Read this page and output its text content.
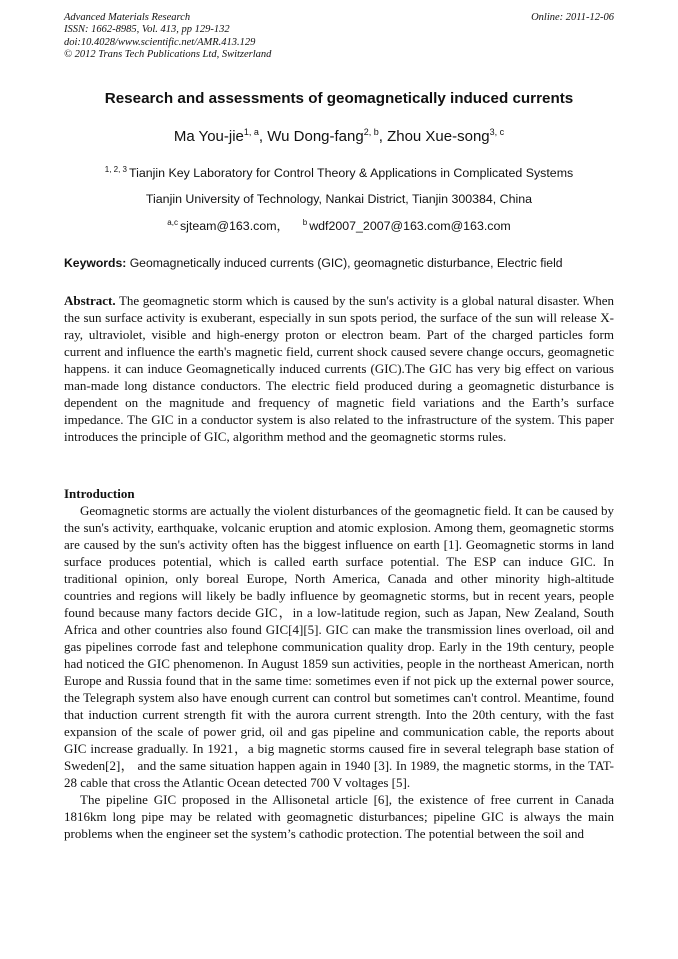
Advanced Materials Research
ISSN: 1662-8985, Vol. 413, pp 129-132
doi:10.4028/www.scientific.net/AMR.413.129
© 2012 Trans Tech Publications Ltd, Switzerland
Online: 2011-12-06
Research and assessments of geomagnetically induced currents
Ma You-jie$^{1, a}$, Wu Dong-fang$^{2, b}$, Zhou Xue-song$^{3, c}$
$^{1, 2, 3}$ Tianjin Key Laboratory for Control Theory & Applications in Complicated Systems
Tianjin University of Technology, Nankai District, Tianjin 300384, China
$^{a,c}$ sjteam@163.com， $^b$ wdf2007_2007@163.com@163.com
Keywords: Geomagnetically induced currents (GIC), geomagnetic disturbance, Electric field

Abstract. The geomagnetic storm which is caused by the sun's activity is a global natural disaster. When the sun surface activity is exuberant, especially in sun spots period, the surface of the sun will release X-ray, ultraviolet, visible and high-energy proton or electron beam. Part of the charged particles form current and influence the earth's magnetic field, current shock caused severe change occurs, geomagnetic happens. it can induce Geomagnetically induced currents (GIC).The GIC has very big effect on various man-made long distance conductors. The electric field produced during a geomagnetic disturbance is dependent on the magnitude and frequency of magnetic field variations and the Earth’s surface impedance. The GIC in a conductor system is also related to the infrastructure of the system. This paper introduces the principle of GIC, algorithm method and the geomagnetic storms rules.

Introduction

Geomagnetic storms are actually the violent disturbances of the geomagnetic field. It can be caused by the sun's activity, earthquake, volcanic eruption and atomic explosion. Among them, geomagnetic storms are caused by the sun's activity often has the biggest influence on earth [1]. Geomagnetic storms in land surface produces potential, which is called earth surface potential. The ESP can induce GIC. In traditional opinion, only boreal Europe, North America, Canada and other minority high-altitude countries and regions will likely be badly influence by geomagnetic storms, but in recent years, people found because many factors decide GIC，in a low-latitude region, such as Japan, New Zealand, South Africa and other countries also found GIC[4][5]. GIC can make the transmission lines overload, oil and gas pipelines corrode fast and telephone communication quality drop. Early in the 19th century, people had noticed the GIC phenomenon. In August 1859 sun activities, people in the northeast American, north Europe and Russia found that in the same time: sometimes even if not pick up the external power source, the Telegraph system also have enough current can control but sometimes can't control. Meantime, found that induction current strength fit with the aurora current strength. Into the 20th century, with the fast expansion of the scale of power grid, oil and gas pipeline and communication cable, the reports about GIC increase gradually. In 1921，a big magnetic storms caused fire in several telegraph base station of Sweden[2]， and the same situation happen again in 1940 [3]. In 1989, the magnetic storms, in the TAT-28 cable that cross the Atlantic Ocean detected 700 V voltages [5].

The pipeline GIC proposed in the Allisonetal article [6], the existence of free current in Canada 1816km long pipe may be related with geomagnetic disturbances; pipeline GIC is always the main problems when the engineer set the system’s cathodic protection. The potential between the soil and
